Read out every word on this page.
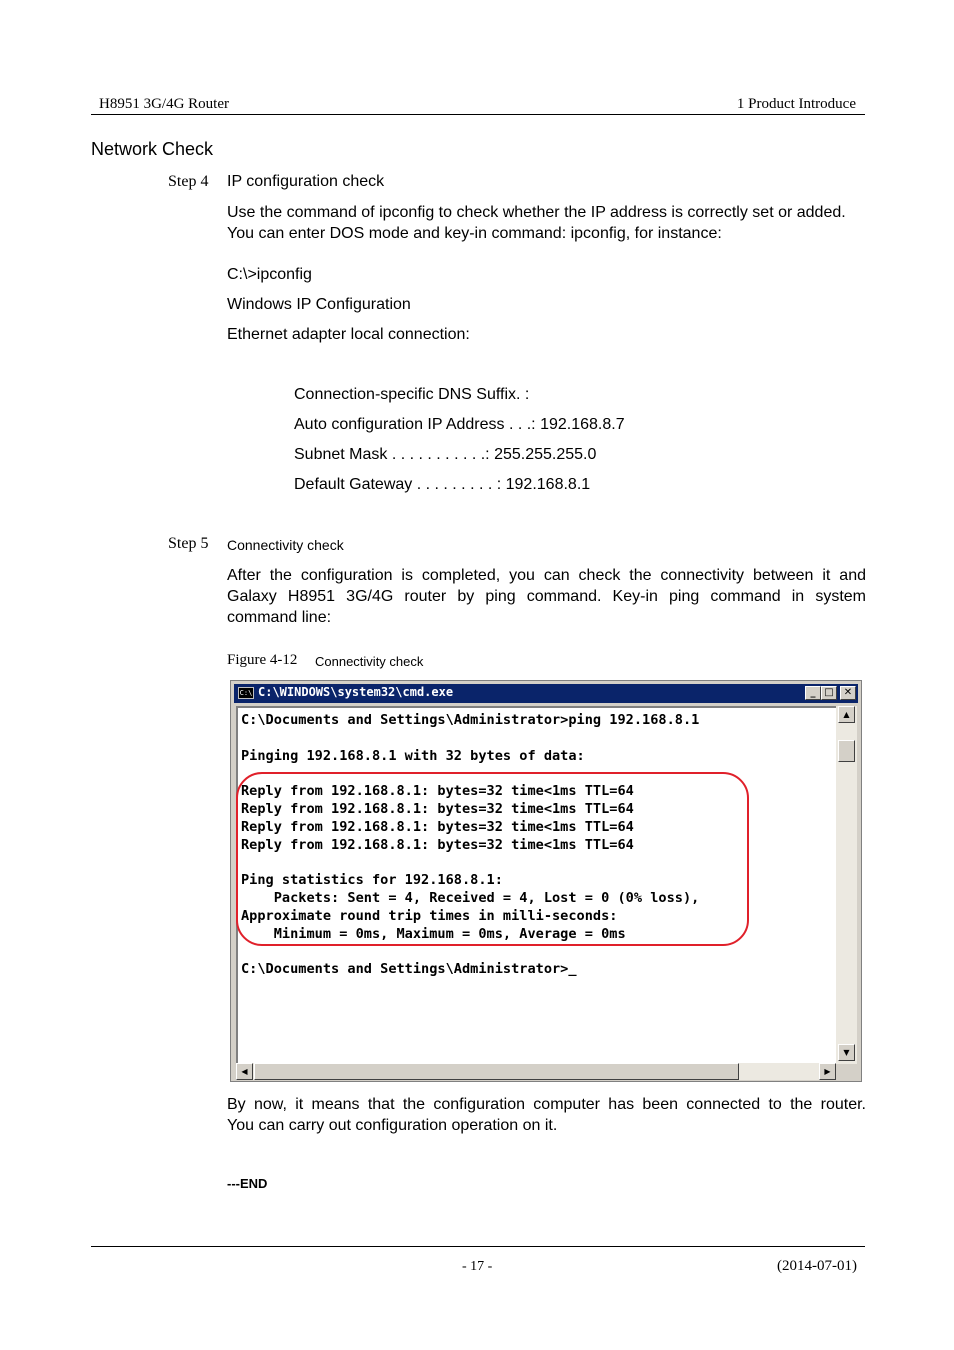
H8951 3G/4G Router	1 Product Introduce
Network Check
Step 4 IP configuration check
Use the command of ipconfig to check whether the IP address is correctly set or added.
You can enter DOS mode and key-in command: ipconfig, for instance:
C:\>ipconfig
Windows IP Configuration
Ethernet adapter local connection:
Connection-specific DNS Suffix. :
Auto configuration IP Address . . .: 192.168.8.7
Subnet Mask . . . . . . . . . . .: 255.255.255.0
Default Gateway . . . . . . . . . : 192.168.8.1
Step 5 Connectivity check
After the configuration is completed, you can check the connectivity between it and
Galaxy H8951 3G/4G router by ping command. Key-in ping command in system
command line:
Figure 4-12 Connectivity check
C:\ C:\WINDOWS\system32\cmd.exe	_ □	✕
C:\Documents and Settings\Administrator>ping 192.168.8.1
Pinging 192.168.8.1 with 32 bytes of data:
Reply from 192.168.8.1: bytes=32 time<1ms TTL=64
Reply from 192.168.8.1: bytes=32 time<1ms TTL=64
Reply from 192.168.8.1: bytes=32 time<1ms TTL=64
Reply from 192.168.8.1: bytes=32 time<1ms TTL=64
Ping statistics for 192.168.8.1:
Packets: Sent = 4, Received = 4, Lost = 0 (0% loss),
Approximate round trip times in milli-seconds:
Minimum = 0ms, Maximum = 0ms, Average = 0ms
C:\Documents and Settings\Administrator>_
▲
▼
◀	▶
By now, it means that the configuration computer has been connected to the router.
You can carry out configuration operation on it.
---END
- 17 -	(2014-07-01)
